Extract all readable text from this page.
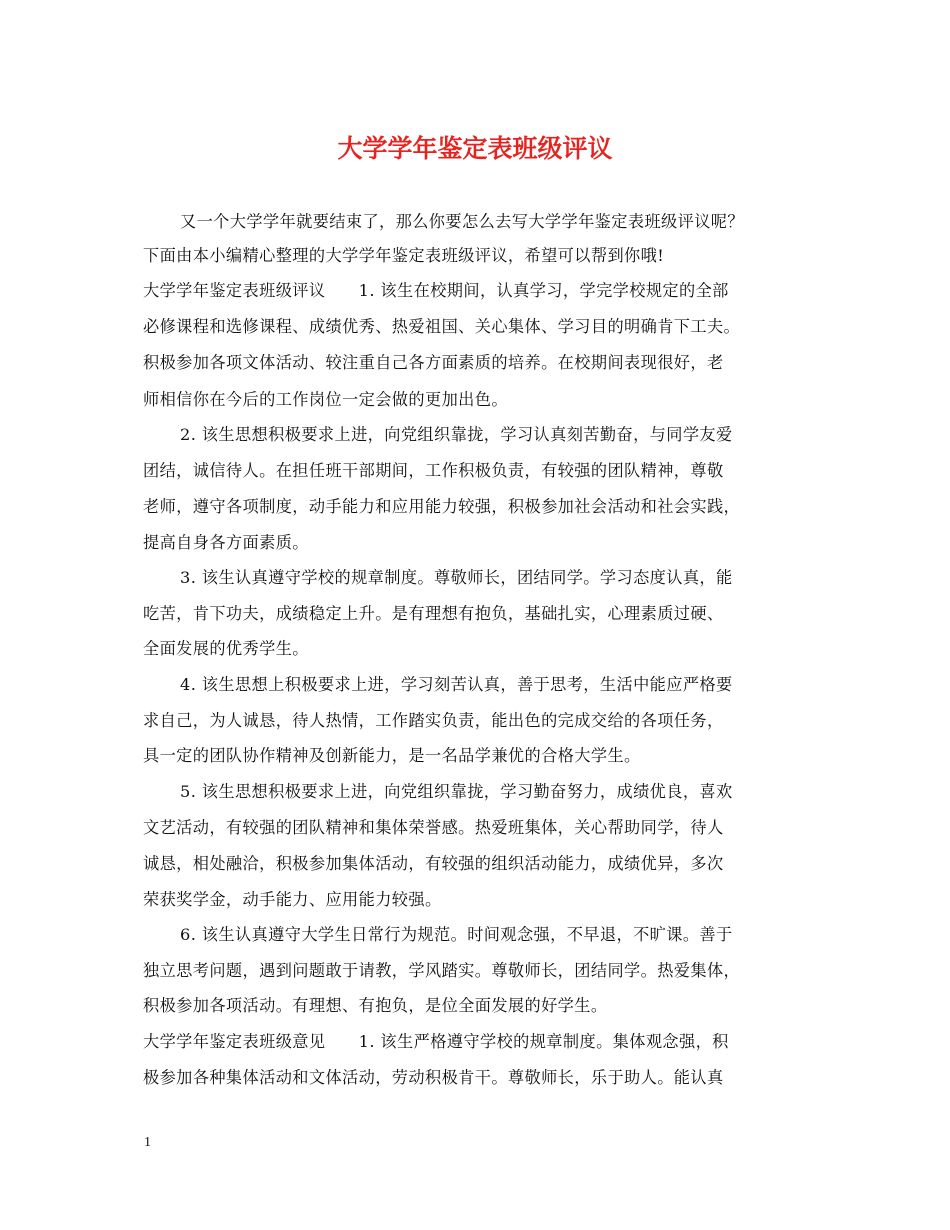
大学学年鉴定表班级评议
又一个大学学年就要结束了，那么你要怎么去写大学学年鉴定表班级评议呢？
下面由本小编精心整理的大学学年鉴定表班级评议，希望可以帮到你哦!
大学学年鉴定表班级评议　　1. 该生在校期间，认真学习，学完学校规定的全部
必修课程和选修课程、成绩优秀、热爱祖国、关心集体、学习目的明确肯下工夫。
积极参加各项文体活动、较注重自己各方面素质的培养。在校期间表现很好，老
师相信你在今后的工作岗位一定会做的更加出色。
2. 该生思想积极要求上进，向党组织靠拢，学习认真刻苦勤奋，与同学友爱
团结，诚信待人。在担任班干部期间，工作积极负责，有较强的团队精神，尊敬
老师，遵守各项制度，动手能力和应用能力较强，积极参加社会活动和社会实践，
提高自身各方面素质。
3. 该生认真遵守学校的规章制度。尊敬师长，团结同学。学习态度认真，能
吃苦，肯下功夫，成绩稳定上升。是有理想有抱负，基础扎实，心理素质过硬、
全面发展的优秀学生。
4. 该生思想上积极要求上进，学习刻苦认真，善于思考，生活中能应严格要
求自己，为人诚恳，待人热情，工作踏实负责，能出色的完成交给的各项任务，
具一定的团队协作精神及创新能力，是一名品学兼优的合格大学生。
5. 该生思想积极要求上进，向党组织靠拢，学习勤奋努力，成绩优良，喜欢
文艺活动，有较强的团队精神和集体荣誉感。热爱班集体，关心帮助同学，待人
诚恳，相处融洽，积极参加集体活动，有较强的组织活动能力，成绩优异，多次
荣获奖学金，动手能力、应用能力较强。
6. 该生认真遵守大学生日常行为规范。时间观念强，不早退，不旷课。善于
独立思考问题，遇到问题敢于请教，学风踏实。尊敬师长，团结同学。热爱集体，
积极参加各项活动。有理想、有抱负，是位全面发展的好学生。
大学学年鉴定表班级意见　　1. 该生严格遵守学校的规章制度。集体观念强，积
极参加各种集体活动和文体活动，劳动积极肯干。尊敬师长，乐于助人。能认真
1
